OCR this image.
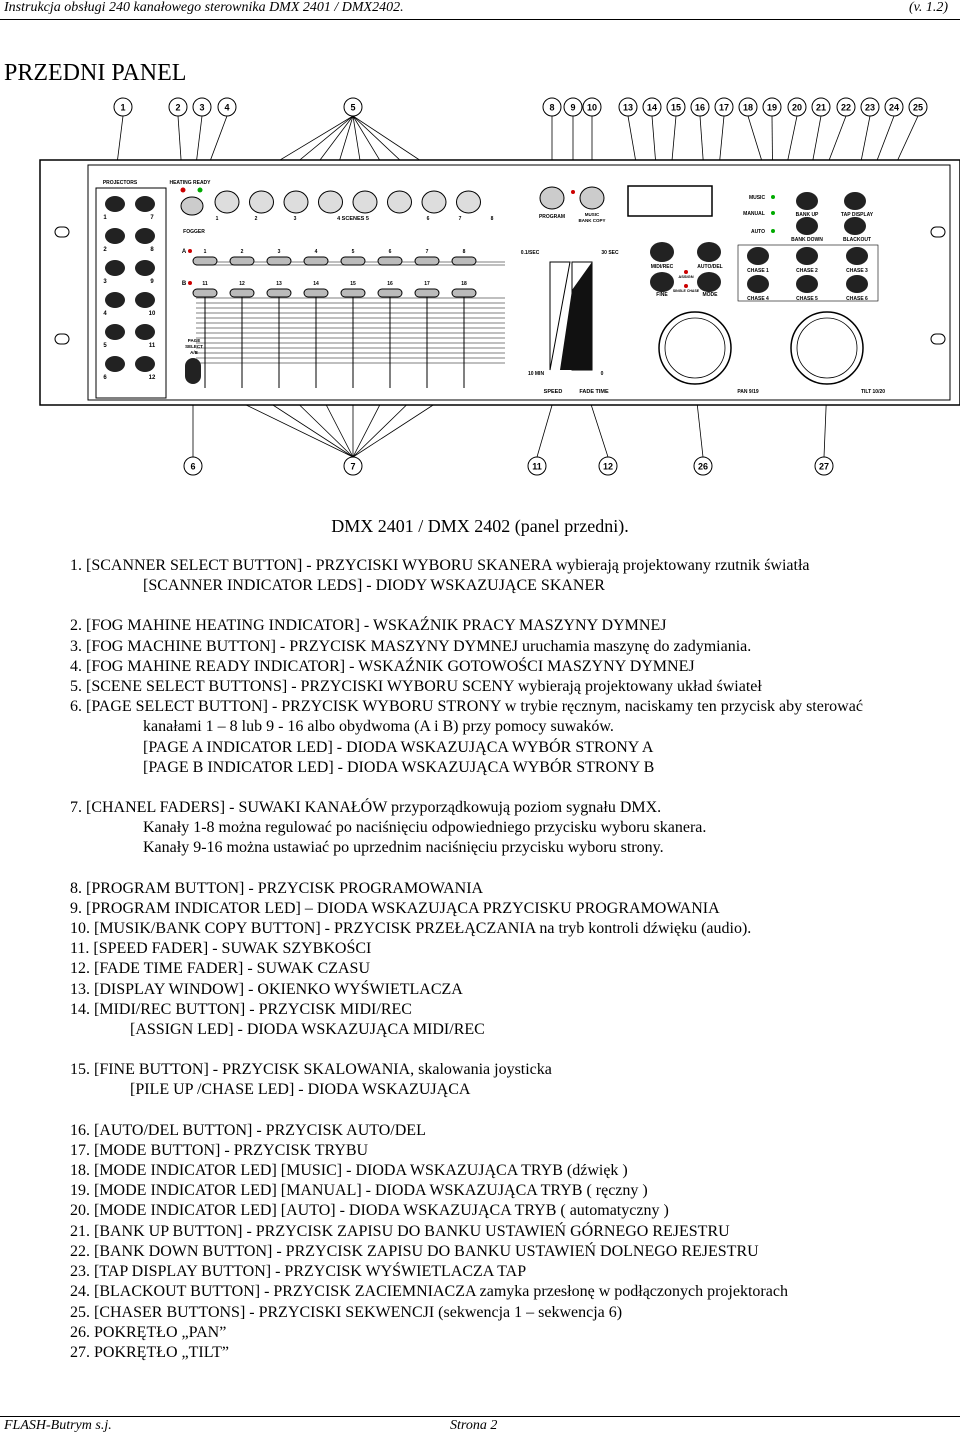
Instrukcja obsługi 240 kanałowego sterownika DMX 2401 / DMX2402.	(v. 1.2)
PRZEDNI PANEL
PROJECTORS
1	7
2	8
3	9
4	10
5	11
6	12
HEATING READY
FOGGER
1	2	3	4 SCENES 5	6	7	8
A
B
1
11
2
12
3
13
4
14
5
15
6
16
7
17
8
18
PAGE
SELECT
A/B
PROGRAM	MUSIC
BANK COPY
0.1/SEC	30 SEC
10 MIN	0
SPEED	FADE TIME
MUSIC
MANUAL
AUTO
BANK UP	TAP DISPLAY
BANK DOWN	BLACKOUT
MIDI/REC
ASSIGN
AUTO/DEL
FINE
SINGLE CHASE
MODE
CHASE 1	CHASE 2	CHASE 3
CHASE 4	CHASE 5	CHASE 6
PAN 9/19	TILT 10/20
1	2 3 4	5	8 9 10	13 14 15 16 17 18 19 20 21 22 23 24 25
6	7	11	12	26	27
DMX 2401 / DMX 2402 (panel przedni).
1. [SCANNER SELECT BUTTON] - PRZYCISKI WYBORU SKANERA wybierają projektowany rzutnik światła
[SCANNER INDICATOR LEDS] - DIODY WSKAZUJĄCE SKANER
2. [FOG MAHINE HEATING INDICATOR] - WSKAŹNIK PRACY MASZYNY DYMNEJ
3. [FOG MACHINE BUTTON] - PRZYCISK MASZYNY DYMNEJ uruchamia maszynę do zadymiania.
4. [FOG MAHINE READY INDICATOR] - WSKAŹNIK GOTOWOŚCI MASZYNY DYMNEJ
5. [SCENE SELECT BUTTONS] - PRZYCISKI WYBORU SCENY wybierają projektowany układ świateł
6. [PAGE SELECT BUTTON] - PRZYCISK WYBORU STRONY w trybie ręcznym, naciskamy ten przycisk aby sterować
kanałami 1 – 8 lub 9 - 16 albo obydwoma (A i B) przy pomocy suwaków.
[PAGE A INDICATOR LED] - DIODA WSKAZUJĄCA WYBÓR STRONY A
[PAGE B INDICATOR LED] - DIODA WSKAZUJĄCA WYBÓR STRONY B
7. [CHANEL FADERS] - SUWAKI KANAŁÓW przyporządkowują poziom sygnału DMX.
Kanały 1-8 można regulować po naciśnięciu odpowiedniego przycisku wyboru skanera.
Kanały 9-16 można ustawiać po uprzednim naciśnięciu przycisku wyboru strony.
8. [PROGRAM BUTTON] - PRZYCISK PROGRAMOWANIA
9. [PROGRAM INDICATOR LED] – DIODA WSKAZUJĄCA PRZYCISKU PROGRAMOWANIA
10. [MUSIK/BANK COPY BUTTON] - PRZYCISK PRZEŁĄCZANIA na tryb kontroli dźwięku (audio).
11. [SPEED FADER] - SUWAK SZYBKOŚCI
12. [FADE TIME FADER] - SUWAK CZASU
13. [DISPLAY WINDOW] - OKIENKO WYŚWIETLACZA
14. [MIDI/REC BUTTON] - PRZYCISK MIDI/REC
[ASSIGN LED] - DIODA WSKAZUJĄCA MIDI/REC
15. [FINE BUTTON] - PRZYCISK SKALOWANIA, skalowania joysticka
[PILE UP /CHASE LED] - DIODA WSKAZUJĄCA
16. [AUTO/DEL BUTTON] - PRZYCISK AUTO/DEL
17. [MODE BUTTON] - PRZYCISK TRYBU
18. [MODE INDICATOR LED] [MUSIC] - DIODA WSKAZUJĄCA TRYB (dźwięk )
19. [MODE INDICATOR LED] [MANUAL] - DIODA WSKAZUJĄCA TRYB ( ręczny )
20. [MODE INDICATOR LED] [AUTO] - DIODA WSKAZUJĄCA TRYB ( automatyczny )
21. [BANK UP BUTTON] - PRZYCISK ZAPISU DO BANKU USTAWIEŃ GÓRNEGO REJESTRU
22. [BANK DOWN BUTTON] - PRZYCISK ZAPISU DO BANKU USTAWIEŃ DOLNEGO REJESTRU
23. [TAP DISPLAY BUTTON] - PRZYCISK WYŚWIETLACZA TAP
24. [BLACKOUT BUTTON] - PRZYCISK ZACIEMNIACZA zamyka przesłonę w podłączonych projektorach
25. [CHASER BUTTONS] - PRZYCISKI SEKWENCJI (sekwencja 1 – sekwencja 6)
26. POKRĘTŁO „PAN”
27. POKRĘTŁO „TILT”
FLASH-Butrym s.j.	Strona 2
